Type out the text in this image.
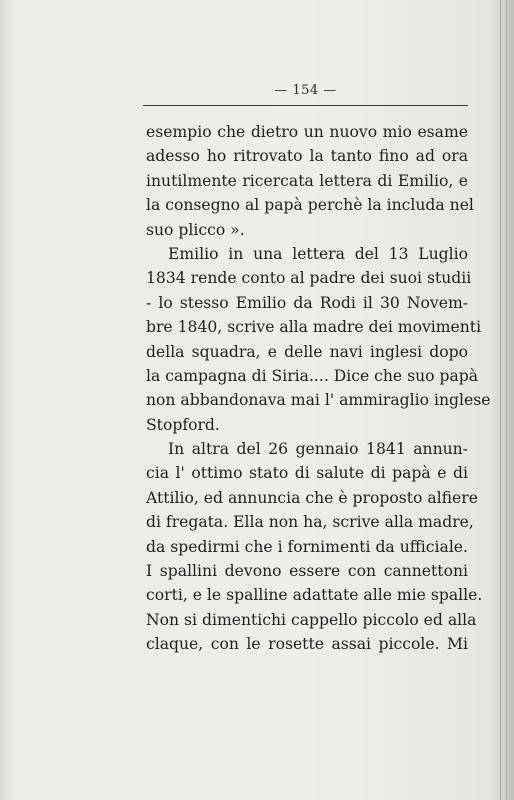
— 154 —
esempio che dietro un nuovo mio esame
adesso ho ritrovato la tanto fino ad ora
inutilmente ricercata lettera di Emilio, e
la consegno al papà perchè la includa nel
suo plicco ».
Emilio in una lettera del 13 Luglio
1834 rende conto al padre dei suoi studii
- lo stesso Emilio da Rodi il 30 Novem-
bre 1840, scrive alla madre dei movimenti
della squadra, e delle navi inglesi dopo
la campagna di Siria.... Dice che suo papà
non abbandonava mai l' ammiraglio inglese
Stopford.
In altra del 26 gennaio 1841 annun-
cia l' ottimo stato di salute di papà e di
Attilio, ed annuncia che è proposto alfiere
di fregata. Ella non ha, scrive alla madre,
da spedirmi che i fornimenti da ufficiale.
I spallini devono essere con cannettoni
corti, e le spalline adattate alle mie spalle.
Non si dimentichi cappello piccolo ed alla
claque, con le rosette assai piccole. Mi
